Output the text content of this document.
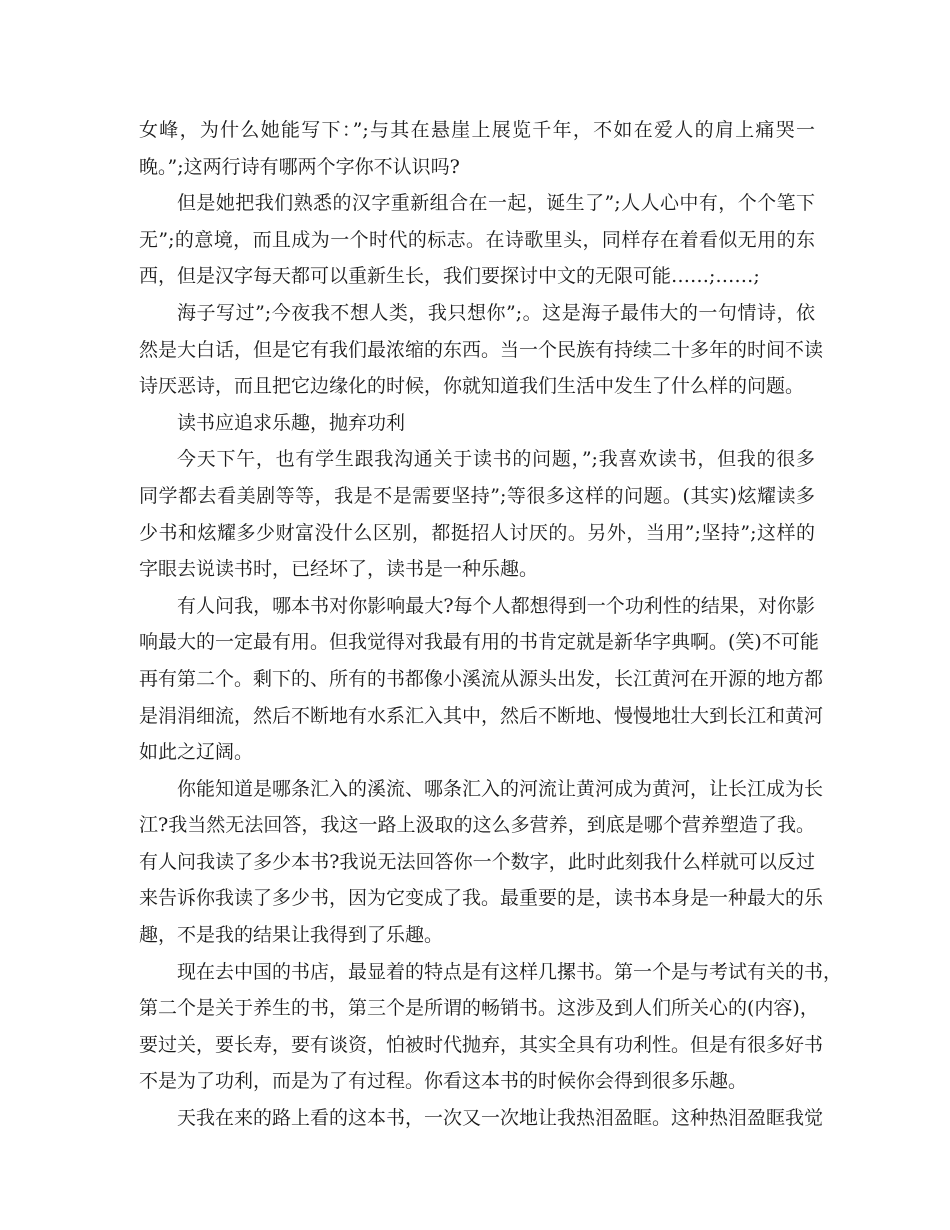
女峰，为什么她能写下：”;与其在悬崖上展览千年，不如在爱人的肩上痛哭一
晚。”;这两行诗有哪两个字你不认识吗?
但是她把我们熟悉的汉字重新组合在一起，诞生了”;人人心中有，个个笔下
无”;的意境，而且成为一个时代的标志。在诗歌里头，同样存在着看似无用的东
西，但是汉字每天都可以重新生长，我们要探讨中文的无限可能……;……;
海子写过”;今夜我不想人类，我只想你”;。这是海子最伟大的一句情诗，依
然是大白话，但是它有我们最浓缩的东西。当一个民族有持续二十多年的时间不读
诗厌恶诗，而且把它边缘化的时候，你就知道我们生活中发生了什么样的问题。
读书应追求乐趣，抛弃功利
今天下午，也有学生跟我沟通关于读书的问题，”;我喜欢读书，但我的很多
同学都去看美剧等等，我是不是需要坚持”;等很多这样的问题。(其实)炫耀读多
少书和炫耀多少财富没什么区别，都挺招人讨厌的。另外，当用”;坚持”;这样的
字眼去说读书时，已经坏了，读书是一种乐趣。
有人问我，哪本书对你影响最大?每个人都想得到一个功利性的结果，对你影
响最大的一定最有用。但我觉得对我最有用的书肯定就是新华字典啊。(笑)不可能
再有第二个。剩下的、所有的书都像小溪流从源头出发，长江黄河在开源的地方都
是涓涓细流，然后不断地有水系汇入其中，然后不断地、慢慢地壮大到长江和黄河
如此之辽阔。
你能知道是哪条汇入的溪流、哪条汇入的河流让黄河成为黄河，让长江成为长
江?我当然无法回答，我这一路上汲取的这么多营养，到底是哪个营养塑造了我。
有人问我读了多少本书?我说无法回答你一个数字，此时此刻我什么样就可以反过
来告诉你我读了多少书，因为它变成了我。最重要的是，读书本身是一种最大的乐
趣，不是我的结果让我得到了乐趣。
现在去中国的书店，最显着的特点是有这样几摞书。第一个是与考试有关的书，
第二个是关于养生的书，第三个是所谓的畅销书。这涉及到人们所关心的(内容)，
要过关，要长寿，要有谈资，怕被时代抛弃，其实全具有功利性。但是有很多好书
不是为了功利，而是为了有过程。你看这本书的时候你会得到很多乐趣。
天我在来的路上看的这本书，一次又一次地让我热泪盈眶。这种热泪盈眶我觉
